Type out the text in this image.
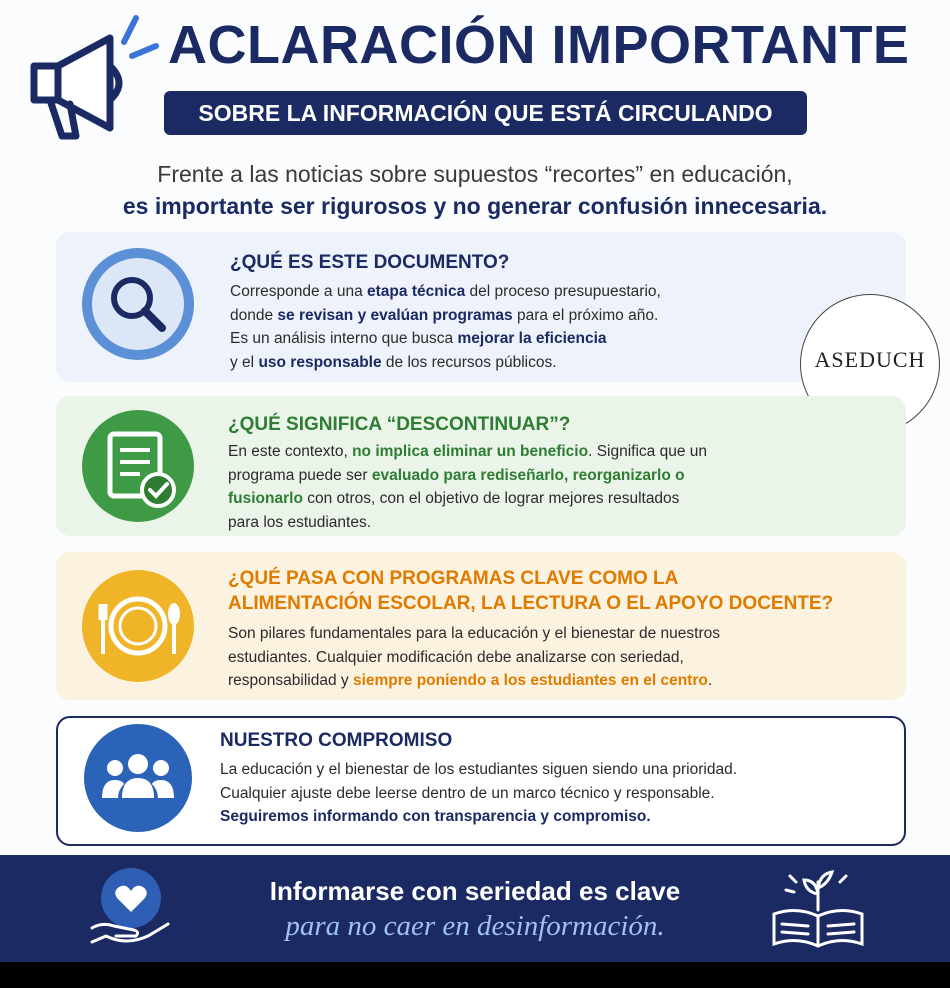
ACLARACIÓN IMPORTANTE
SOBRE LA INFORMACIÓN QUE ESTÁ CIRCULANDO
Frente a las noticias sobre supuestos “recortes” en educación,
es importante ser rigurosos y no generar confusión innecesaria.
¿QUÉ ES ESTE DOCUMENTO?

Corresponde a una etapa técnica del proceso presupuestario,

donde se revisan y evalúan programas para el próximo año.

Es un análisis interno que busca mejorar la eficiencia

y el uso responsable de los recursos públicos.	ASEDUCH
¿QUÉ SIGNIFICA “DESCONTINUAR”?

En este contexto, no implica eliminar un beneficio. Significa que un

programa puede ser evaluado para rediseñarlo, reorganizarlo o

fusionarlo con otros, con el objetivo de lograr mejores resultados

para los estudiantes.

¿QUÉ PASA CON PROGRAMAS CLAVE COMO LA
ALIMENTACIÓN ESCOLAR, LA LECTURA O EL APOYO DOCENTE?

Son pilares fundamentales para la educación y el bienestar de nuestros

estudiantes. Cualquier modificación debe analizarse con seriedad,

responsabilidad y siempre poniendo a los estudiantes en el centro.

NUESTRO COMPROMISO

La educación y el bienestar de los estudiantes siguen siendo una prioridad.

Cualquier ajuste debe leerse dentro de un marco técnico y responsable.

Seguiremos informando con transparencia y compromiso.

Informarse con seriedad es clave
para no caer en desinformación.
